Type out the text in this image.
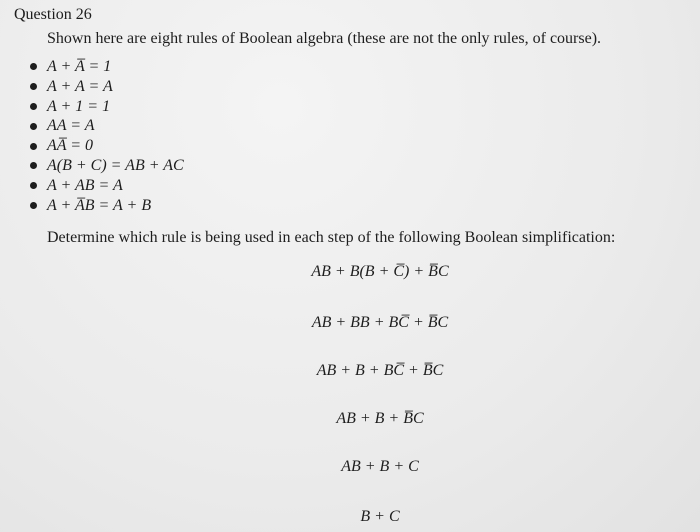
Question 26
Shown here are eight rules of Boolean algebra (these are not the only rules, of course).
A + A̅ = 1
A + A = A
A + 1 = 1
AA = A
AA̅ = 0
A(B + C) = AB + AC
A + AB = A
A + A̅B = A + B
Determine which rule is being used in each step of the following Boolean simplification:
AB + B(B + C̅) + B̅C
AB + BB + BC̅ + B̅C
AB + B + BC̅ + B̅C
AB + B + B̅C
AB + B + C
B + C
